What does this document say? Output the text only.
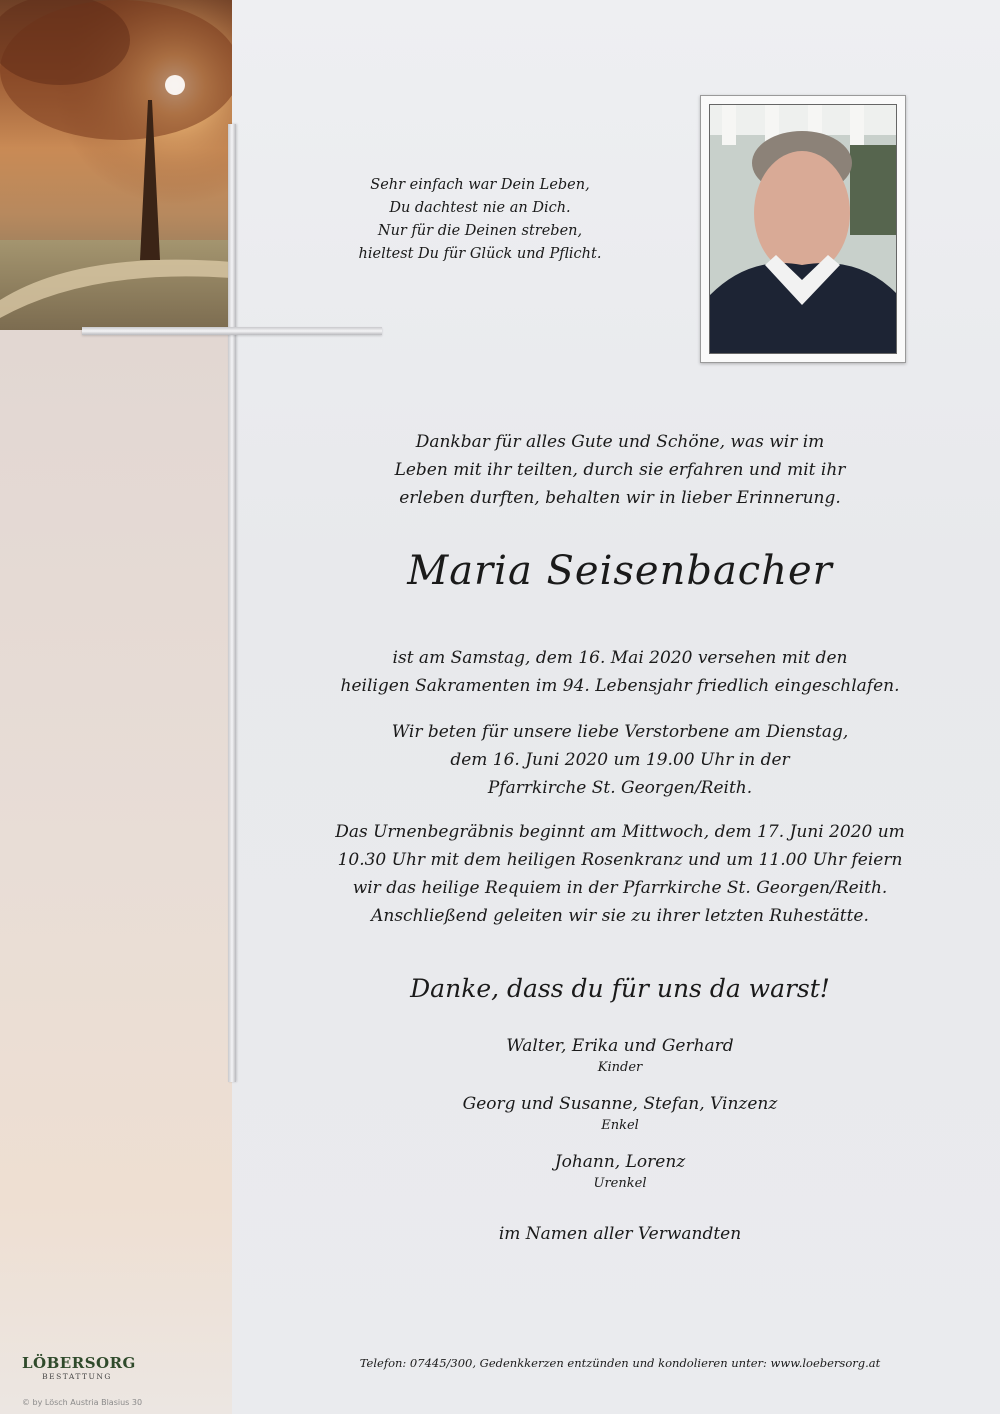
Sehr einfach war Dein Leben,
Du dachtest nie an Dich.
Nur für die Deinen streben,
hieltest Du für Glück und Pflicht.
Dankbar für alles Gute und Schöne, was wir im
Leben mit ihr teilten, durch sie erfahren und mit ihr
erleben durften, behalten wir in lieber Erinnerung.
Maria Seisenbacher
ist am Samstag, dem 16. Mai 2020 versehen mit den
heiligen Sakramenten im 94. Lebensjahr friedlich eingeschlafen.
Wir beten für unsere liebe Verstorbene am Dienstag,
dem 16. Juni 2020 um 19.00 Uhr in der
Pfarrkirche St. Georgen/Reith.
Das Urnenbegräbnis beginnt am Mittwoch, dem 17. Juni 2020 um
10.30 Uhr mit dem heiligen Rosenkranz und um 11.00 Uhr feiern
wir das heilige Requiem in der Pfarrkirche St. Georgen/Reith.
Anschließend geleiten wir sie zu ihrer letzten Ruhestätte.
Danke, dass du für uns da warst!
Walter, Erika und Gerhard
Kinder
Georg und Susanne, Stefan, Vinzenz
Enkel
Johann, Lorenz
Urenkel
im Namen aller Verwandten
LÖBERSORG
BESTATTUNG
© by Lösch Austria Blasius 30
Telefon: 07445/300, Gedenkkerzen entzünden und kondolieren unter: www.loebersorg.at
